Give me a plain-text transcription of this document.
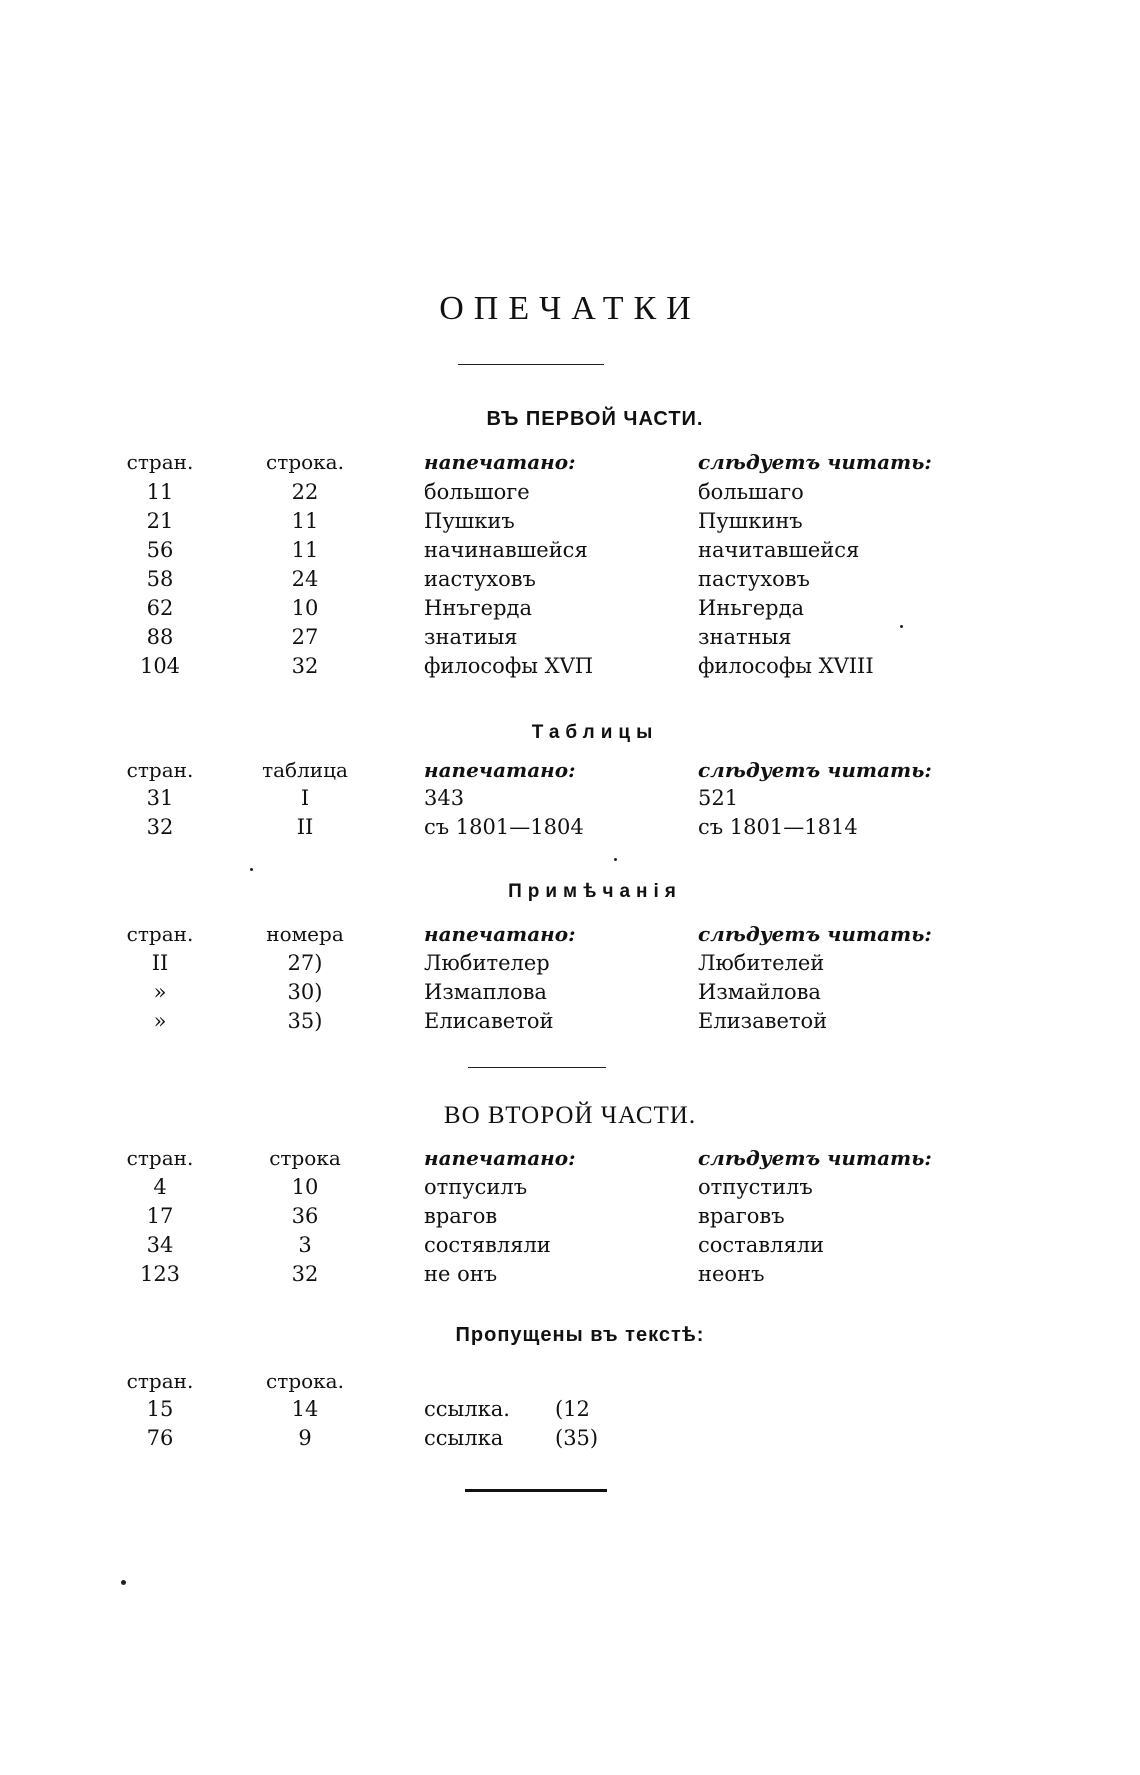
ОПЕЧАТКИ
ВЪ ПЕРВОЙ ЧАСТИ.
стран.	строка.	напечатано:	слѣдуетъ читать:
11	22	большоге	большаго
21	11	Пушкиъ	Пушкинъ
56	11	начинавшейся	начитавшейся
58	24	иастуховъ	пастуховъ
62	10	Ннъгерда	Иньгерда
88	27	знатиыя	знатныя
104	32	философы XVП	философы XVIII
Таблицы
стран.	таблица	напечатано:	слѣдуетъ читать:
31	I	343	521
32	II	съ 1801—1804	съ 1801—1814
Примѣчанія
стран.	номера	напечатано:	слѣдуетъ читать:
II	27)	Любителер	Любителей
»	30)	Измаплова	Измайлова
»	35)	Елисаветой	Елизаветой
ВО ВТОРОЙ ЧАСТИ.
стран.	строка	напечатано:	слѣдуетъ читать:
4	10	отпусилъ	отпустилъ
17	36	врагов	враговъ
34	3	состявляли	составляли
123	32	не онъ	неонъ
Пропущены въ текстѣ:
стран.	строка.
15	14	ссылка. (12
76	9	ссылка (35)
